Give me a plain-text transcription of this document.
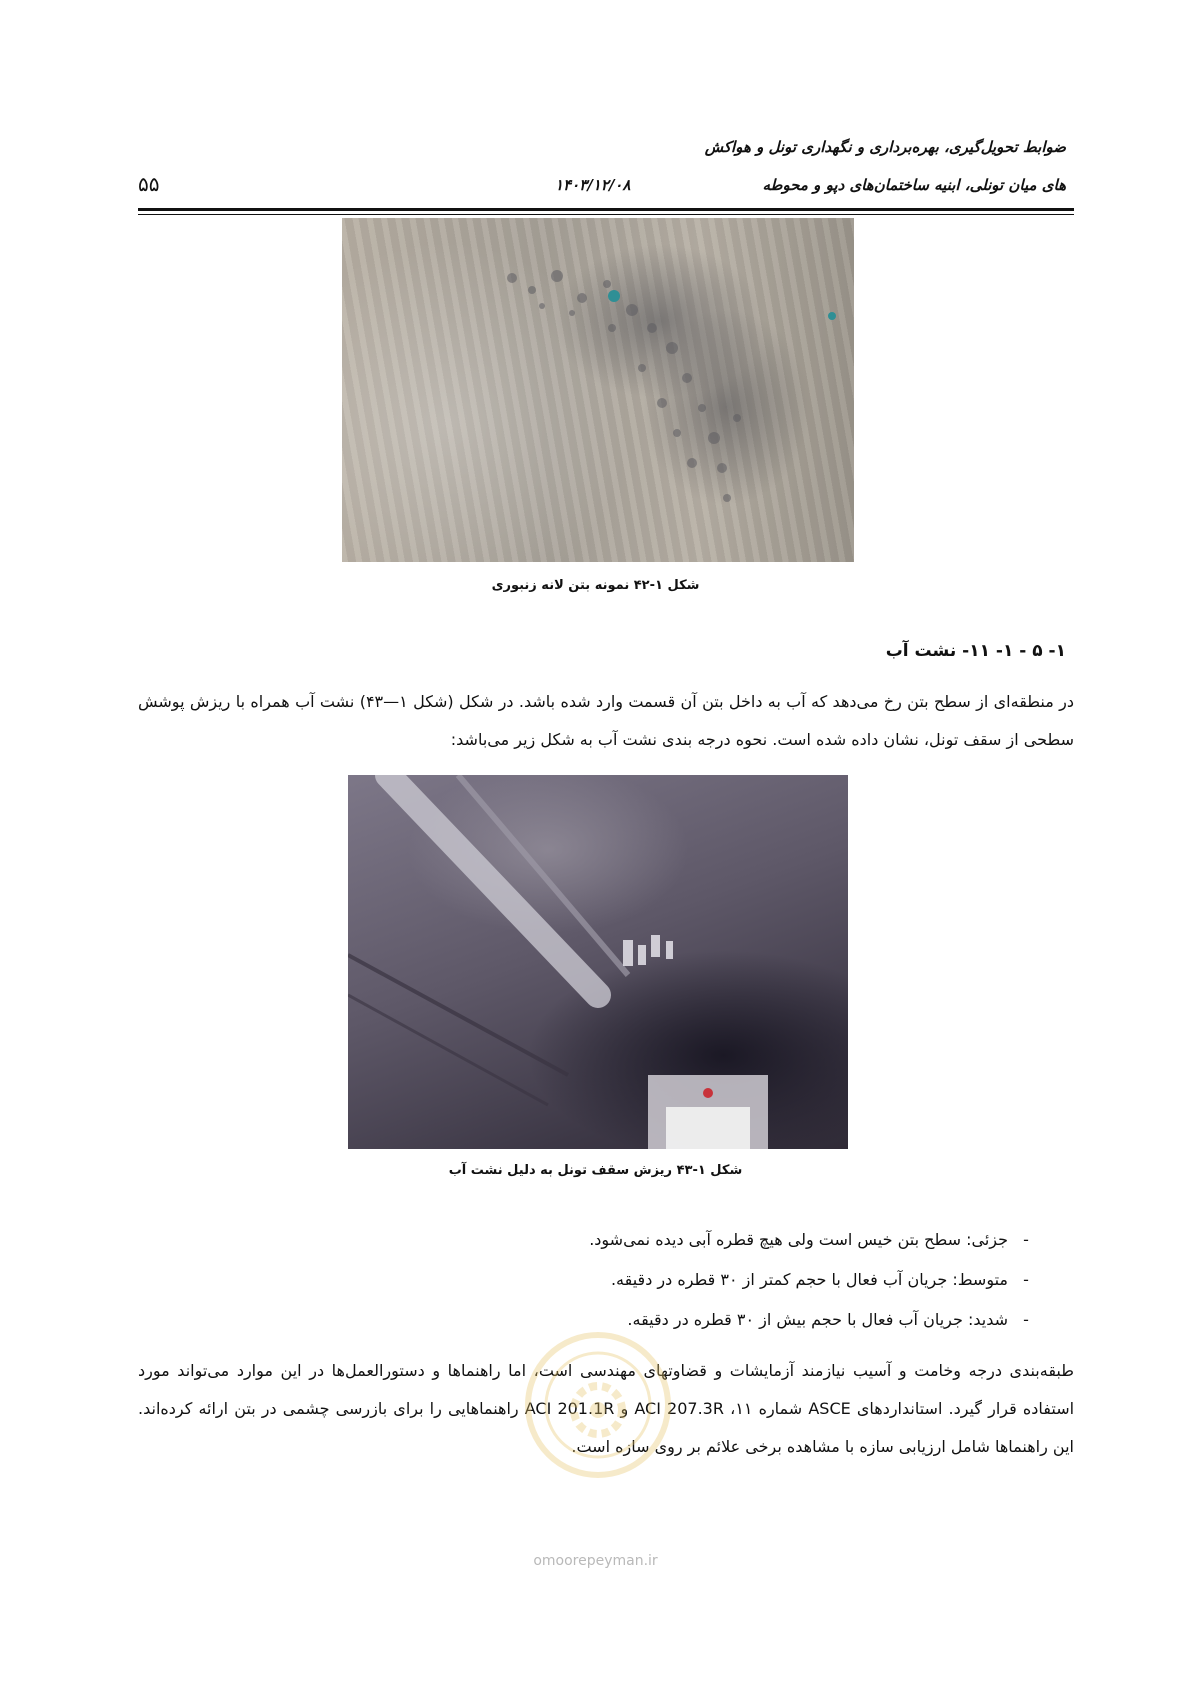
ضوابط تحویل‌گیری، بهره‌برداری و نگهداری تونل و هواکش
های میان تونلی، ابنیه ساختمان‌های دپو و محوطه
۱۴۰۳/۱۲/۰۸
۵۵
شکل ۱-۴۲ نمونه بتن لانه زنبوری
۱- ۵ - ۱- ۱۱- نشت آب
در منطقه‌ای از سطح بتن رخ می‌دهد که آب به داخل بتن آن قسمت وارد شده باشد. در شکل (شکل ۱—۴۳) نشت آب همراه با ریزش پوشش سطحی از سقف تونل، نشان داده شده است. نحوه درجه بندی نشت آب به شکل زیر می‌باشد:
شکل ۱-۴۳ ریزش سقف تونل به دلیل نشت آب
- جزئی: سطح بتن خیس است ولی هیچ قطره آبی دیده نمی‌شود.
- متوسط: جریان آب فعال با حجم کمتر از ۳۰ قطره در دقیقه.
- شدید: جریان آب فعال با حجم بیش از ۳۰ قطره در دقیقه.
طبقه‌بندی درجه وخامت و آسیب نیازمند آزمایشات و قضاوتهای مهندسی است، اما راهنماها و دستورالعمل‌ها در این موارد می‌تواند مورد استفاده قرار گیرد. استانداردهای ASCE شماره ۱۱، ACI 207.3R و ACI 201.1R راهنماهایی را برای بازرسی چشمی در بتن ارائه کرده‌اند. این راهنماها شامل ارزیابی سازه با مشاهده برخی علائم بر روی سازه است.
omoorepeyman.ir
